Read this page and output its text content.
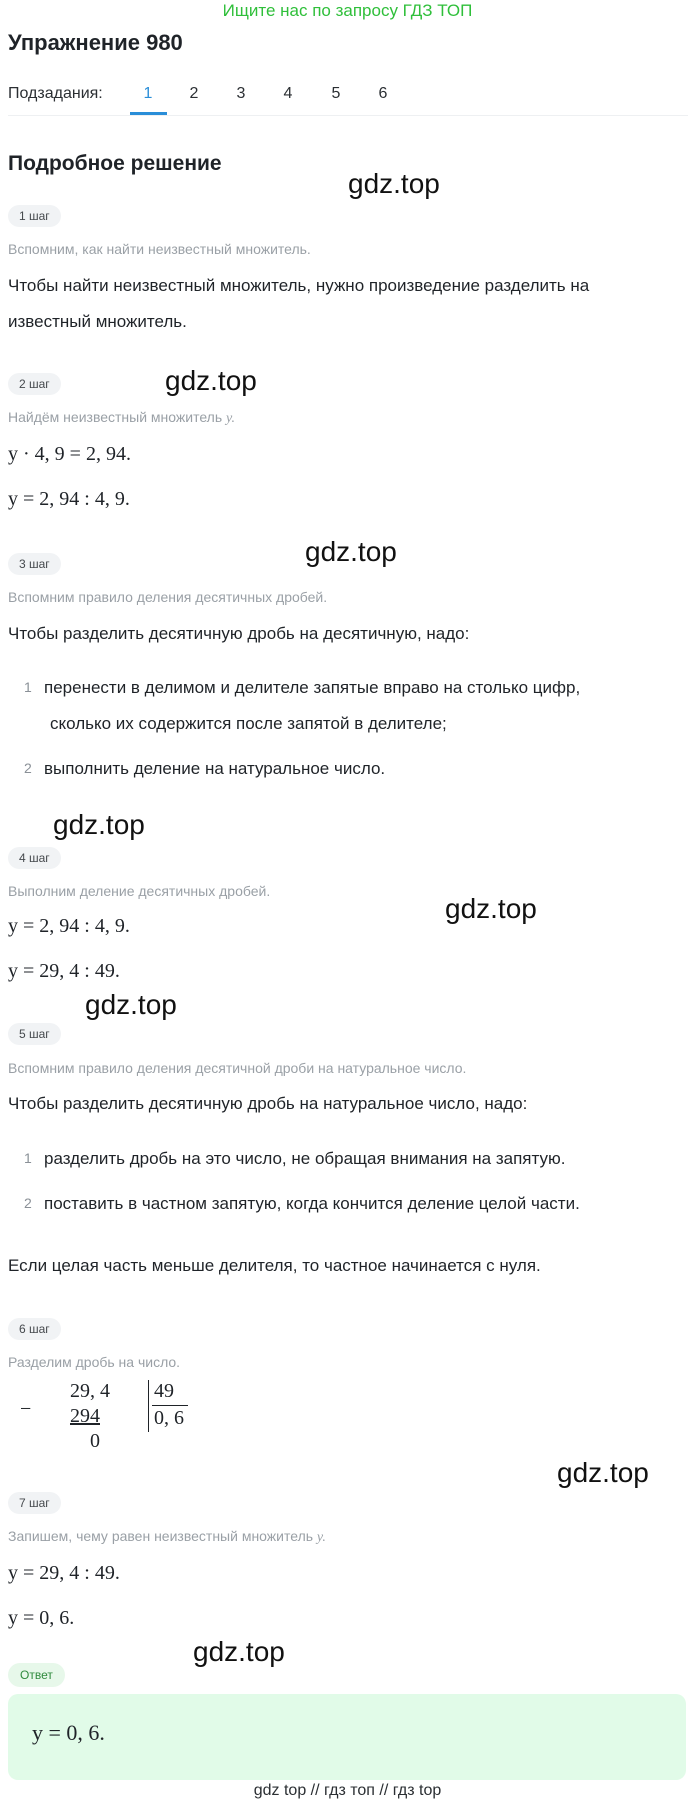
Ищите нас по запросу ГДЗ ТОП
Упражнение 980
Подзадания:	1	2	3	4	5	6
Подробное решение
gdz.top
gdz.top
gdz.top
gdz.top
gdz.top
gdz.top
gdz.top
gdz.top
1 шаг
Вспомним, как найти неизвестный множитель.
Чтобы найти неизвестный множитель, нужно произведение разделить на
известный множитель.
2 шаг
Найдём неизвестный множитель y.
y · 4, 9 = 2, 94.
y = 2, 94 : 4, 9.
3 шаг
Вспомним правило деления десятичных дробей.
Чтобы разделить десятичную дробь на десятичную, надо:
1 перенести в делимом и делителе запятые вправо на столько цифр,
сколько их содержится после запятой в делителе;
2 выполнить деление на натуральное число.
4 шаг
Выполним деление десятичных дробей.
y = 2, 94 : 4, 9.
y = 29, 4 : 49.
5 шаг
Вспомним правило деления десятичной дроби на натуральное число.
Чтобы разделить десятичную дробь на натуральное число, надо:
1 разделить дробь на это число, не обращая внимания на запятую.
2 поставить в частном запятую, когда кончится деление целой части.
Если целая часть меньше делителя, то частное начинается с нуля.
6 шаг
Разделим дробь на число.
−
29, 4
294
0
49
0, 6
7 шаг
Запишем, чему равен неизвестный множитель y.
y = 29, 4 : 49.
y = 0, 6.
Ответ
y = 0, 6.
gdz top // гдз топ // гдз top
